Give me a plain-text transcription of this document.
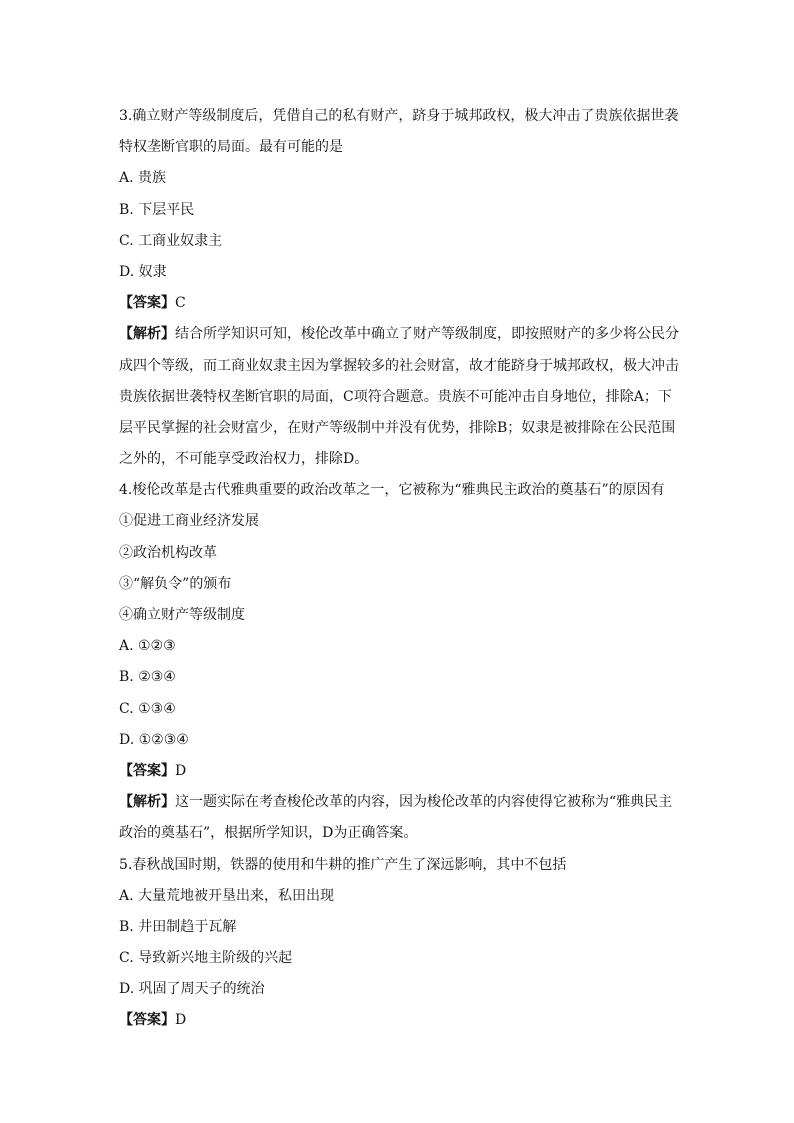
3.确立财产等级制度后，凭借自己的私有财产，跻身于城邦政权，极大冲击了贵族依据世袭
特权垄断官职的局面。最有可能的是
A. 贵族
B. 下层平民
C. 工商业奴隶主
D. 奴隶
【答案】C
【解析】结合所学知识可知，梭伦改革中确立了财产等级制度，即按照财产的多少将公民分
成四个等级，而工商业奴隶主因为掌握较多的社会财富，故才能跻身于城邦政权，极大冲击
贵族依据世袭特权垄断官职的局面，C项符合题意。贵族不可能冲击自身地位，排除A；下
层平民掌握的社会财富少，在财产等级制中并没有优势，排除B；奴隶是被排除在公民范围
之外的，不可能享受政治权力，排除D。
4.梭伦改革是古代雅典重要的政治改革之一，它被称为“雅典民主政治的奠基石”的原因有
①促进工商业经济发展
②政治机构改革
③“解负令”的颁布
④确立财产等级制度
A. ①②③
B. ②③④
C. ①③④
D. ①②③④
【答案】D
【解析】这一题实际在考查梭伦改革的内容，因为梭伦改革的内容使得它被称为“雅典民主
政治的奠基石”，根据所学知识，D为正确答案。
5.春秋战国时期，铁器的使用和牛耕的推广产生了深远影响，其中不包括
A. 大量荒地被开垦出来，私田出现
B. 井田制趋于瓦解
C. 导致新兴地主阶级的兴起
D. 巩固了周天子的统治
【答案】D
